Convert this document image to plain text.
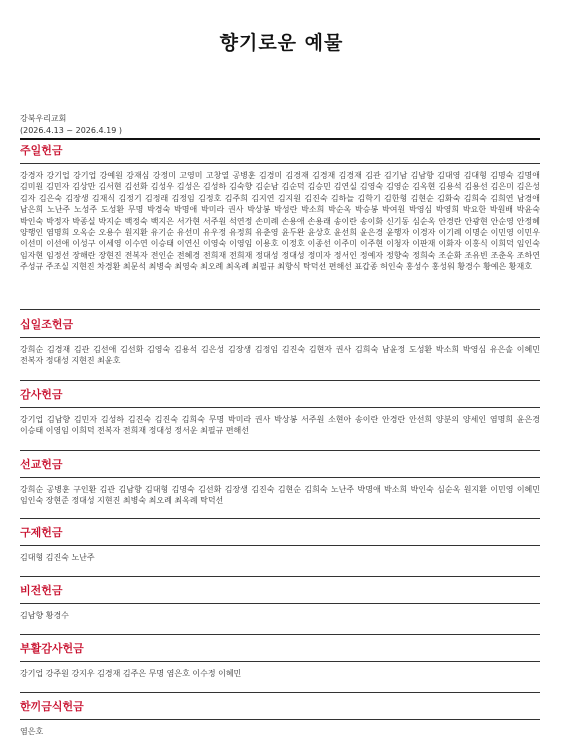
향기로운 예물
강북우리교회
(2026.4.13 ~ 2026.4.19 )
주일헌금
강경자 강기업 강기업 강예원 강재심 강정미 고영미 고창열 공병훈 김경미 김경재 김경재 김경재 김관 김기남 김남향 김대영 김대형 김명숙 김명애 김미원 김민자 김상만 김서현 김선화 김성우 김성은 김성하 김숙향 김순남 김순덕 김승민 김연실 김영숙 김영순 김옥현 김용석 김용선 김은미 김은성 김자 김은숙 김장생 김재식 김정기 김정래 김정임 김정호 김주희 김지연 김지원 김진숙 김하늘 김학기 김한형 김현순 김화숙 김희숙 김희연 남경애 남은희 노난주 노성주 도성환 무명 박경숙 박명애 박미라 권사 박상봉 박성란 박소희 박순옥 박승봉 박여원 박영심 박영희 박요한 박원배 박윤숙 박인숙 박정자 박종실 박지순 백정숙 백지은 서가현 서주원 석연정 손미례 손용애 손용래 송이란 송이화 신기동 심순옥 안경란 안광현 안순영 안정혜 양행인 염명희 오옥순 오용수 원지환 유기순 유선미 유우정 유정희 유춘영 윤두완 윤상호 윤선희 윤은경 윤행자 이경자 이기례 이명순 이민영 이민우 이선미 이선애 이성구 이세영 이수연 이승태 이연신 이영숙 이영임 이용호 이정호 이종선 이주미 이주현 이청자 이판재 이화자 이홍식 이희덕 임인숙 임자현 임정선 장해란 장현진 전복자 전인순 전혜경 전희재 전희재 정대성 정대성 정미자 정서인 정예자 정향숙 정희숙 조순화 조유빈 조춘옥 조하연 주성규 주조실 지현진 차경환 최문석 최병숙 최영숙 최오례 최옥례 최필규 최향식 탁덕선 편해선 표갑종 허인숙 홍성수 홍성워 황경수 황예은 황재호
십일조헌금
강희순 김경재 김관 김선애 김선화 김영숙 김용석 김은성 김장생 김정임 김진숙 김현자 권사 김희숙 남윤정 도성환 박소희 박영심 유은솔 이혜민 전복자 정대성 지현진 최윤호
감사헌금
강기업 김남향 김민자 김성하 김진숙 김진숙 김희숙 무명 박미라 권사 박상봉 서주원 소현아 송이란 안경란 안선희 양분의 양세인 염명희 윤은경 이승태 이영임 이희덕 전복자 전희재 정대성 정서운 최필규 편해선
선교헌금
강희순 공병훈 구인환 김관 김남향 김대형 김명숙 김선화 김장생 김진숙 김현순 김희숙 노난주 박명애 박소희 박인숙 심순옥 원지환 이민영 이혜민 임인숙 장현준 정대성 지현진 최병숙 최오례 최옥례 탁덕선
구제헌금
김대형 김진숙 노난주
비전헌금
김남향 황경수
부활감사헌금
강기업 강주원 강지우 김경재 김주은 무명 염은호 이수정 이혜민
한끼금식헌금
염은호
